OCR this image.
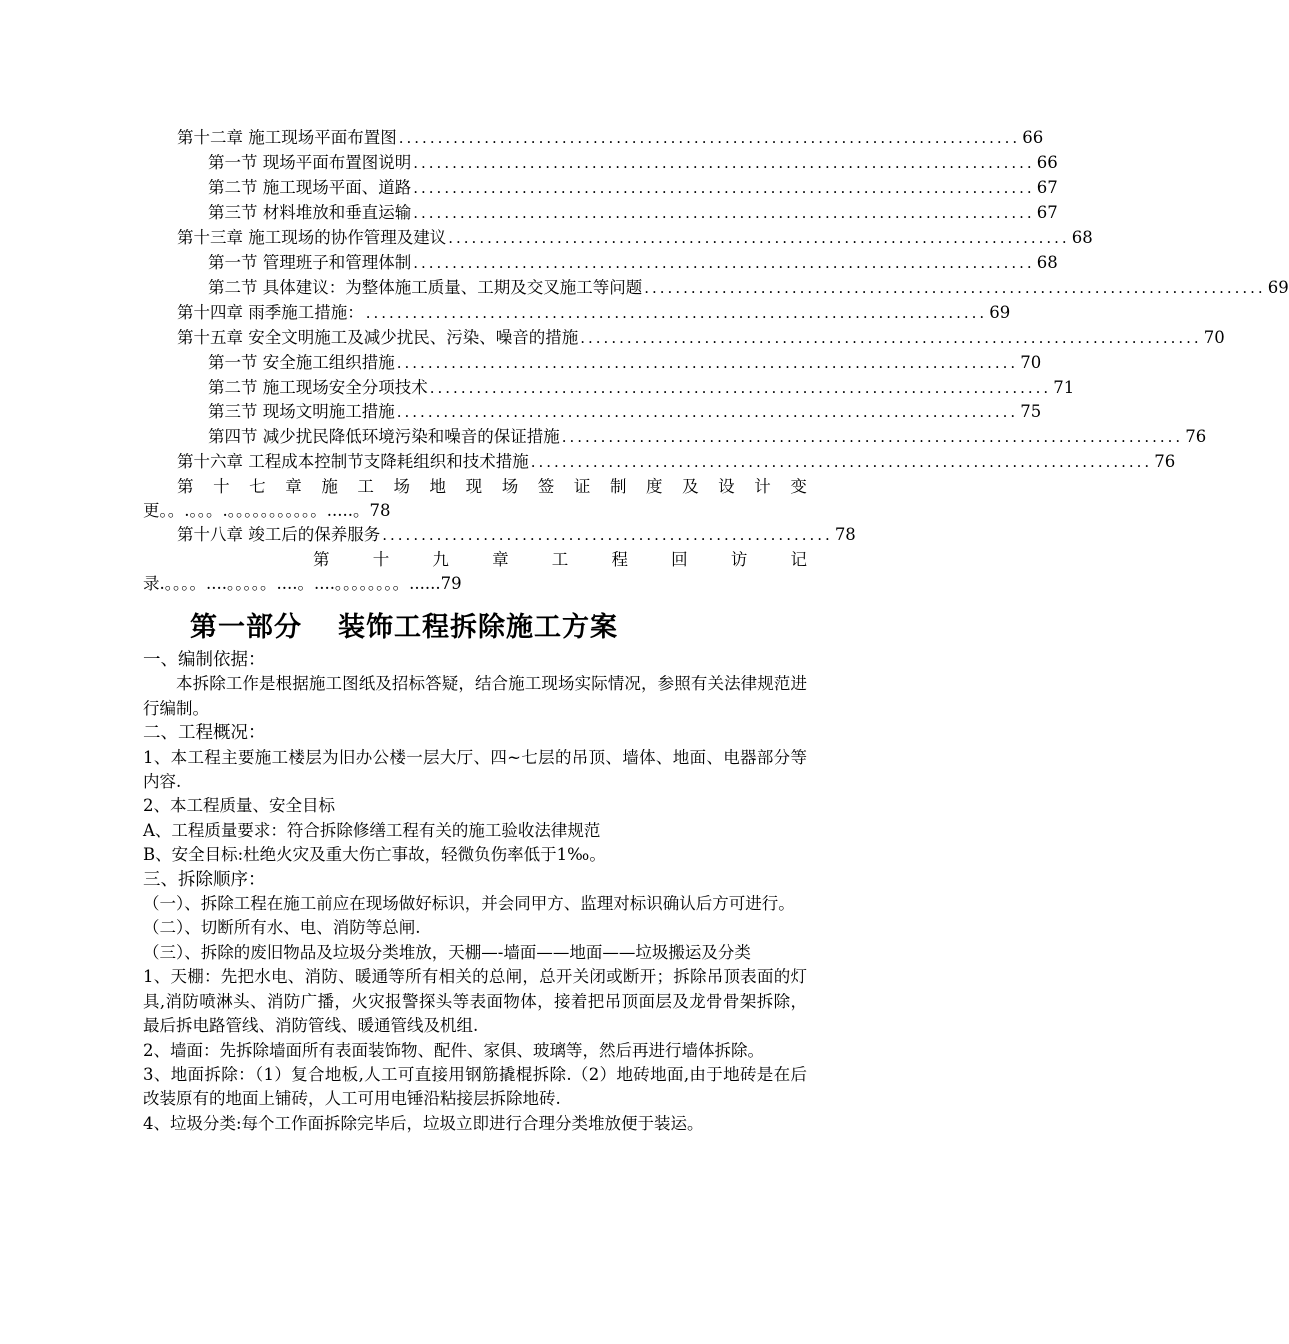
第十二章 施工现场平面布置图 ................................................................................ 66
第一节 现场平面布置图说明 ................................................................................ 66
第二节 施工现场平面、道路 ................................................................................ 67
第三节 材料堆放和垂直运输 ................................................................................ 67
第十三章 施工现场的协作管理及建议 ................................................................................ 68
第一节 管理班子和管理体制 ................................................................................ 68
第二节 具体建议：为整体施工质量、工期及交叉施工等问题 ................................................................................ 69
第十四章 雨季施工措施： ................................................................................ 69
第十五章 安全文明施工及减少扰民、污染、噪音的措施 ................................................................................ 70
第一节 安全施工组织措施 ................................................................................ 70
第二节 施工现场安全分项技术 ................................................................................ 71
第三节 现场文明施工措施 ................................................................................ 75
第四节 减少扰民降低环境污染和噪音的保证措施 ................................................................................ 76
第十六章 工程成本控制节支降耗组织和技术措施 ................................................................................ 76
第 十 七 章 施 工 场 地 现 场 签 证 制 度 及 设 计 变
更。。.。。。.。。。。。。。。。。。.....。78
第十八章 竣工后的保养服务 .......................................................... 78
第	十	九	章	工	程	回	访	记
录.。。。。....。。。。。....。....。。。。。。。。......79
第一部分 装饰工程拆除施工方案

一、编制依据：

本拆除工作是根据施工图纸及招标答疑，结合施工现场实际情况，参照有关法律规范进行编制。

二、工程概况：

1、本工程主要施工楼层为旧办公楼一层大厅、四~七层的吊顶、墙体、地面、电器部分等内容.

2、本工程质量、安全目标

A、工程质量要求：符合拆除修缮工程有关的施工验收法律规范

B、安全目标:杜绝火灾及重大伤亡事故，轻微负伤率低于1‰。

三、拆除顺序：

（一）、拆除工程在施工前应在现场做好标识，并会同甲方、监理对标识确认后方可进行。

（二）、切断所有水、电、消防等总闸.

（三）、拆除的废旧物品及垃圾分类堆放，天棚—-墙面——地面——垃圾搬运及分类

1、天棚：先把水电、消防、暖通等所有相关的总闸，总开关闭或断开；拆除吊顶表面的灯具,消防喷淋头、消防广播，火灾报警探头等表面物体，接着把吊顶面层及龙骨骨架拆除，最后拆电路管线、消防管线、暖通管线及机组.

2、墙面：先拆除墙面所有表面装饰物、配件、家俱、玻璃等，然后再进行墙体拆除。

3、地面拆除：（1）复合地板,人工可直接用钢筋撬棍拆除.（2）地砖地面,由于地砖是在后改装原有的地面上铺砖，人工可用电锤沿粘接层拆除地砖.

4、垃圾分类:每个工作面拆除完毕后，垃圾立即进行合理分类堆放便于装运。
